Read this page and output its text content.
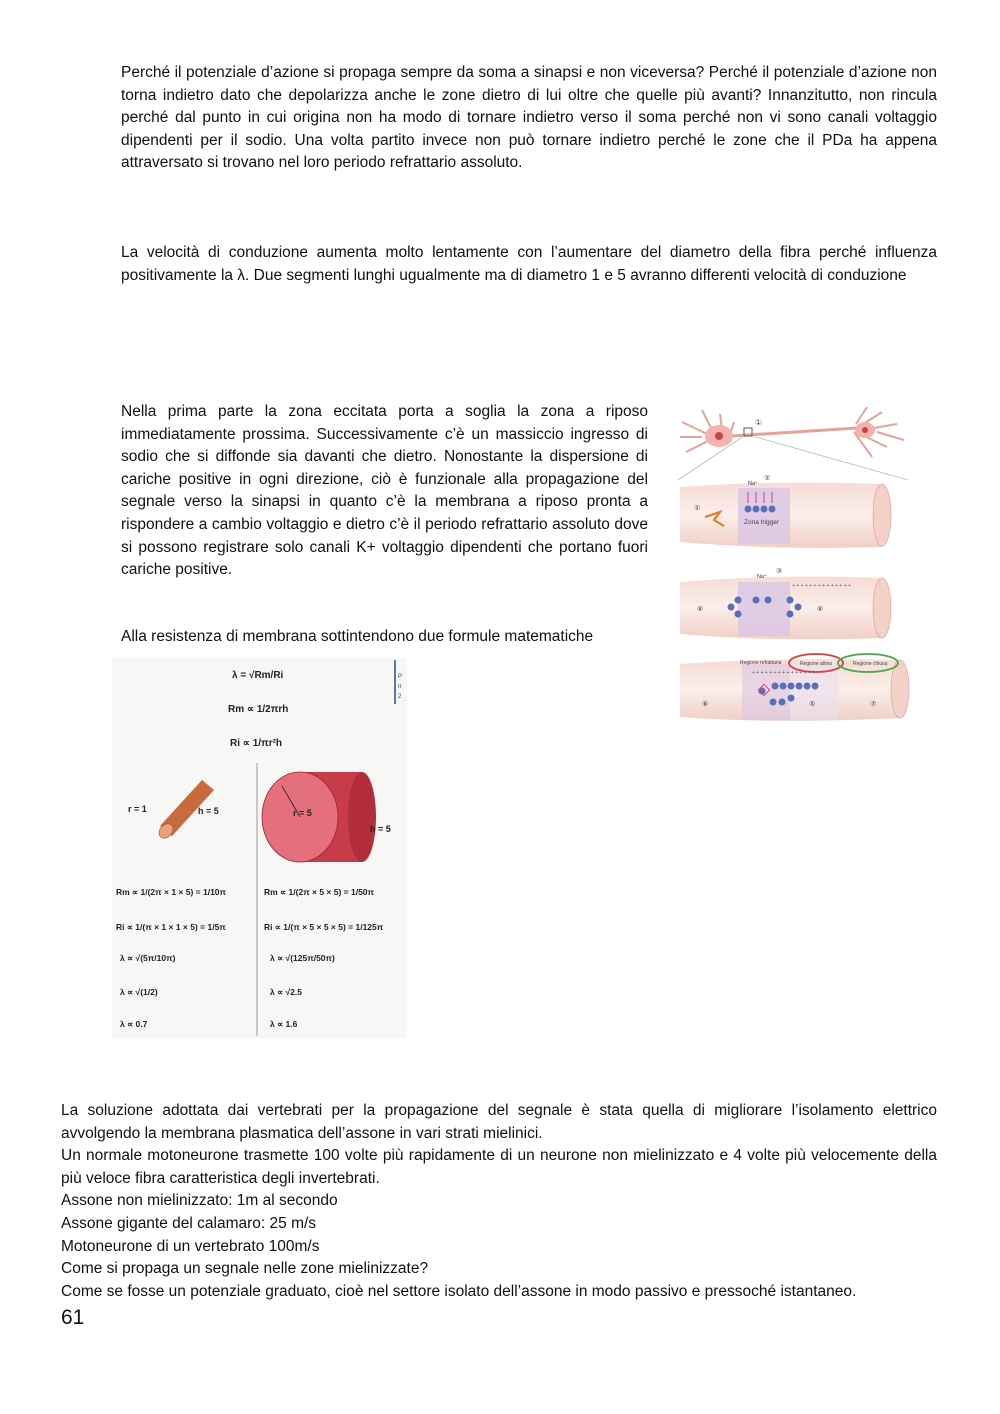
Perché il potenziale d’azione si propaga sempre da soma a sinapsi e non viceversa? Perché il potenziale d’azione non torna indietro dato che depolarizza anche le zone dietro di lui oltre che quelle più avanti? Innanzitutto, non rincula perché dal punto in cui origina non ha modo di tornare indietro verso il soma perché non vi sono canali voltaggio dipendenti per il sodio. Una volta partito invece non può tornare indietro perché le zone che il PDa ha appena attraversato si trovano nel loro periodo refrattario assoluto.
La velocità di conduzione aumenta molto lentamente con l’aumentare del diametro della fibra perché influenza positivamente la λ. Due segmenti lunghi ugualmente ma di diametro 1 e 5 avranno differenti velocità di conduzione
Nella prima parte la zona eccitata porta a soglia la zona a riposo immediatamente prossima. Successivamente c’è un massiccio ingresso di sodio che si diffonde sia davanti che dietro. Nonostante la dispersione di cariche positive in ogni direzione, ciò è funzionale alla propagazione del segnale verso la sinapsi in quanto c’è la membrana a riposo pronta a rispondere a cambio voltaggio e dietro c’è il periodo refrattario assoluto dove si possono registrare solo canali K+ voltaggio dipendenti che portano fuori cariche positive.
Alla resistenza di membrana sottintendono due formule matematiche
①
Zona trigger
Na⁺
②
①
Na⁺
③
④	④
+ + + + + + + + + + + + + +
Regione refrattaria	Regione attiva	Regione chiusa
⑥	⑤	⑦
+ + + + + + + + + + + + + + +
λ = √Rm/Ri
Rm ∝ 1/2πrh
Ri ∝ 1/πr²h
P
Ir
2
r = 1	h = 5	r = 5
h = 5
Rm ∝ 1/(2π × 1 × 5) = 1/10π
Ri ∝ 1/(π × 1 × 1 × 5) = 1/5π
λ ∝ √(5π/10π)
λ ∝ √(1/2)
λ ∝ 0.7
Rm ∝ 1/(2π × 5 × 5) = 1/50π
Ri ∝ 1/(π × 5 × 5 × 5) = 1/125π
λ ∝ √(125π/50π)
λ ∝ √2.5
λ ∝ 1.6
La soluzione adottata dai vertebrati per la propagazione del segnale è stata quella di migliorare l’isolamento elettrico avvolgendo la membrana plasmatica dell’assone in vari strati mielinici.
Un normale motoneurone trasmette 100 volte più rapidamente di un neurone non mielinizzato e 4 volte più velocemente della più veloce fibra caratteristica degli invertebrati.
Assone non mielinizzato: 1m al secondo
Assone gigante del calamaro: 25 m/s
Motoneurone di un vertebrato 100m/s
Come si propaga un segnale nelle zone mielinizzate?
Come se fosse un potenziale graduato, cioè nel settore isolato dell’assone in modo passivo e pressoché istantaneo.
61
